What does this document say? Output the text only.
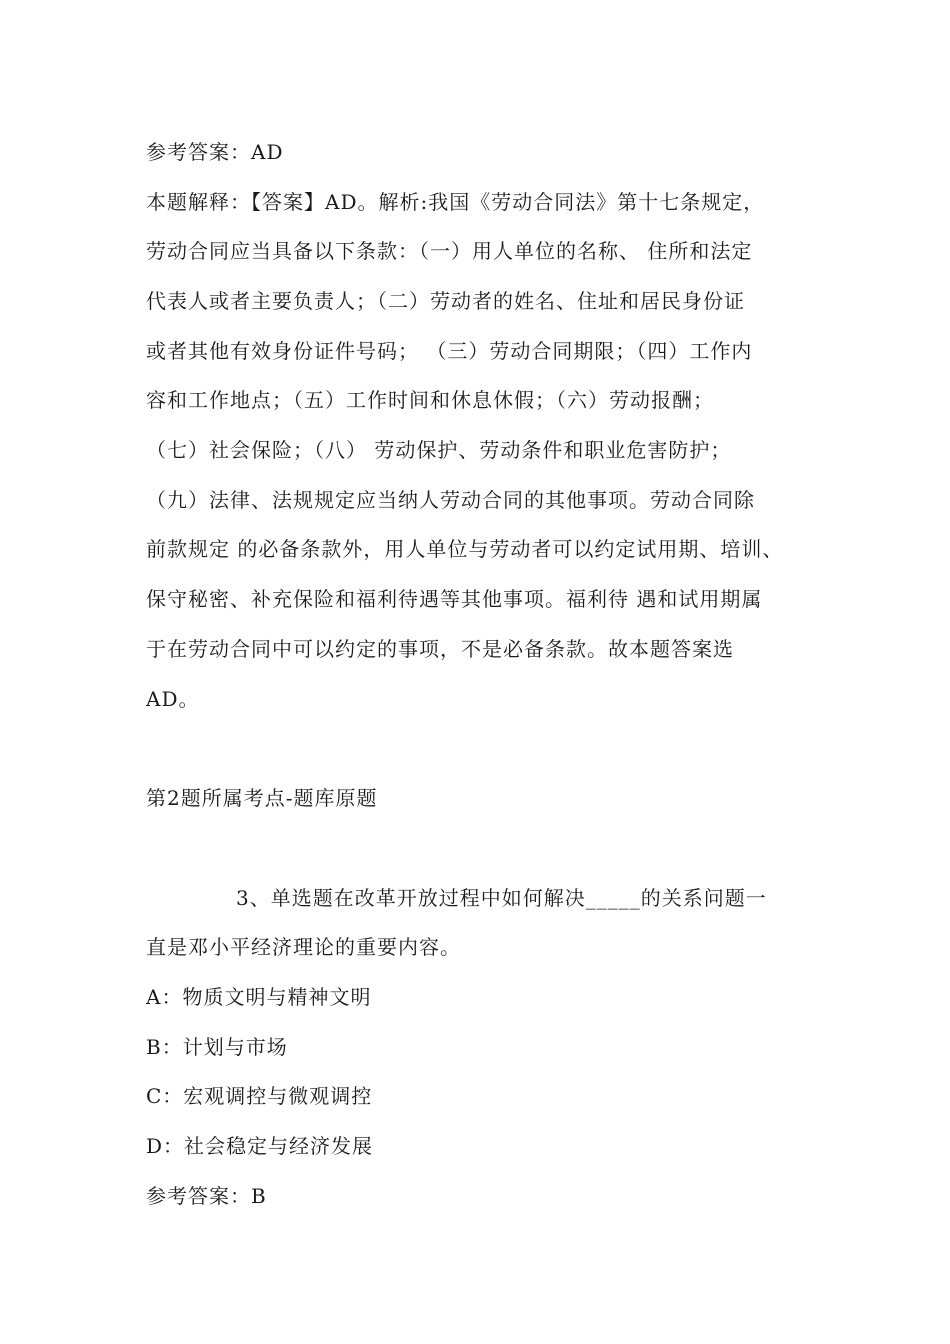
参考答案：AD
本题解释：【答案】AD。解析:我国《劳动合同法》第十七条规定，
劳动合同应当具备以下条款：（一）用人单位的名称、 住所和法定
代表人或者主要负责人；（二）劳动者的姓名、住址和居民身份证
或者其他有效身份证件号码； （三）劳动合同期限；（四）工作内
容和工作地点；（五）工作时间和休息休假；（六）劳动报酬；
（七）社会保险；（八） 劳动保护、劳动条件和职业危害防护；
（九）法律、法规规定应当纳人劳动合同的其他事项。劳动合同除
前款规定 的必备条款外，用人单位与劳动者可以约定试用期、培训、
保守秘密、补充保险和福利待遇等其他事项。福利待 遇和试用期属
于在劳动合同中可以约定的事项，不是必备条款。故本题答案选
AD。
第2题所属考点-题库原题
3、单选题在改革开放过程中如何解决_____的关系问题一
直是邓小平经济理论的重要内容。
A：物质文明与精神文明
B：计划与市场
C：宏观调控与微观调控
D：社会稳定与经济发展
参考答案：B
